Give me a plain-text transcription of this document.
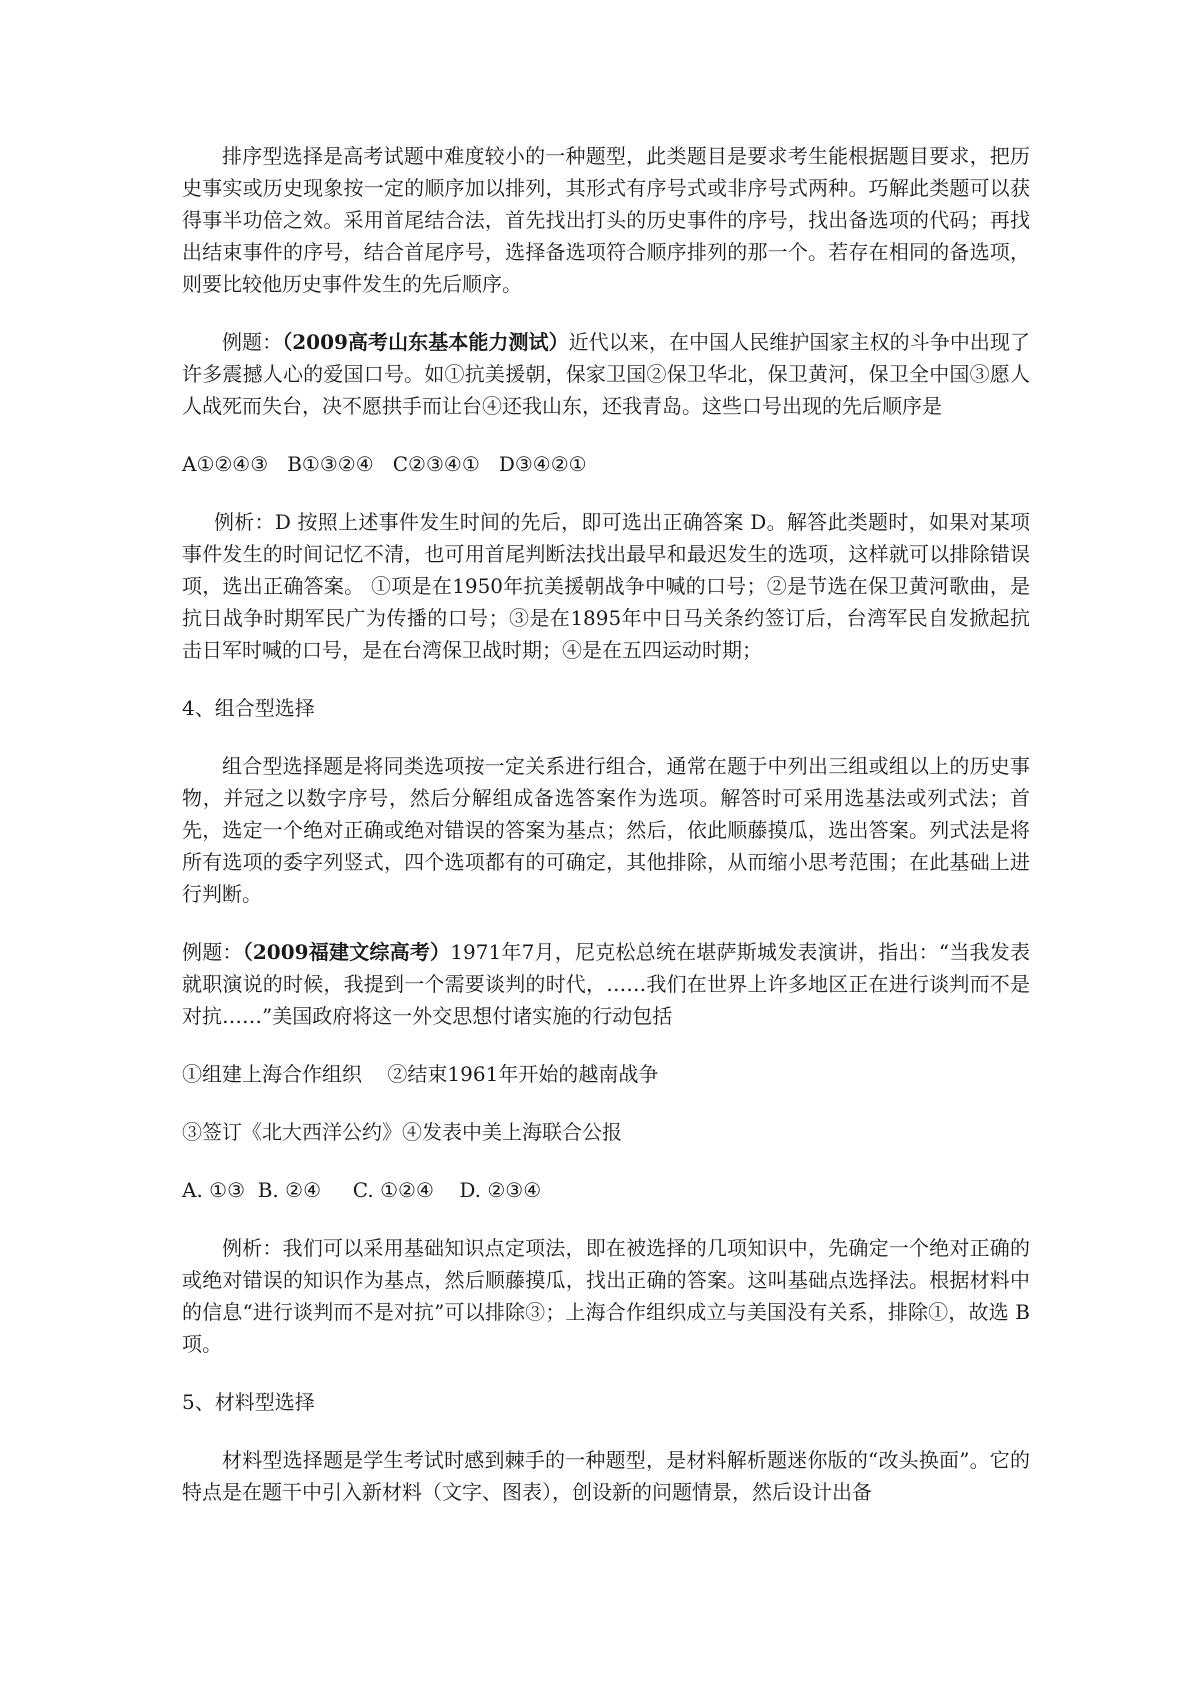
排序型选择是高考试题中难度较小的一种题型，此类题目是要求考生能根据题目要求，把历史事实或历史现象按一定的顺序加以排列，其形式有序号式或非序号式两种。巧解此类题可以获得事半功倍之效。采用首尾结合法，首先找出打头的历史事件的序号，找出备选项的代码；再找出结束事件的序号，结合首尾序号，选择备选项符合顺序排列的那一个。若存在相同的备选项，则要比较他历史事件发生的先后顺序。

例题：（2009高考山东基本能力测试）近代以来，在中国人民维护国家主权的斗争中出现了许多震撼人心的爱国口号。如①抗美援朝，保家卫国②保卫华北，保卫黄河，保卫全中国③愿人人战死而失台，决不愿拱手而让台④还我山东，还我青岛。这些口号出现的先后顺序是

A①②④③   B①③②④   C②③④①   D③④②①

例析：D 按照上述事件发生时间的先后，即可选出正确答案 D。解答此类题时，如果对某项事件发生的时间记忆不清，也可用首尾判断法找出最早和最迟发生的选项，这样就可以排除错误项，选出正确答案。 ①项是在1950年抗美援朝战争中喊的口号；②是节选在保卫黄河歌曲，是抗日战争时期军民广为传播的口号；③是在1895年中日马关条约签订后，台湾军民自发掀起抗击日军时喊的口号，是在台湾保卫战时期；④是在五四运动时期；

4、组合型选择

组合型选择题是将同类选项按一定关系进行组合，通常在题于中列出三组或组以上的历史事物，并冠之以数字序号，然后分解组成备选答案作为选项。解答时可采用选基法或列式法；首先，选定一个绝对正确或绝对错误的答案为基点；然后，依此顺藤摸瓜，选出答案。列式法是将所有选项的委字列竖式，四个选项都有的可确定，其他排除，从而缩小思考范围；在此基础上进行判断。

例题：（2009福建文综高考）1971年7月，尼克松总统在堪萨斯城发表演讲，指出：“当我发表就职演说的时候，我提到一个需要谈判的时代，……我们在世界上许多地区正在进行谈判而不是对抗……”美国政府将这一外交思想付诸实施的行动包括

①组建上海合作组织    ②结束1961年开始的越南战争

③签订《北大西洋公约》④发表中美上海联合公报

A. ①③  B. ②④     C. ①②④    D. ②③④

例析：我们可以采用基础知识点定项法，即在被选择的几项知识中，先确定一个绝对正确的或绝对错误的知识作为基点，然后顺藤摸瓜，找出正确的答案。这叫基础点选择法。根据材料中的信息“进行谈判而不是对抗”可以排除③；上海合作组织成立与美国没有关系，排除①，故选 B 项。

5、材料型选择

材料型选择题是学生考试时感到棘手的一种题型，是材料解析题迷你版的“改头换面”。它的特点是在题干中引入新材料（文字、图表），创设新的问题情景，然后设计出备
